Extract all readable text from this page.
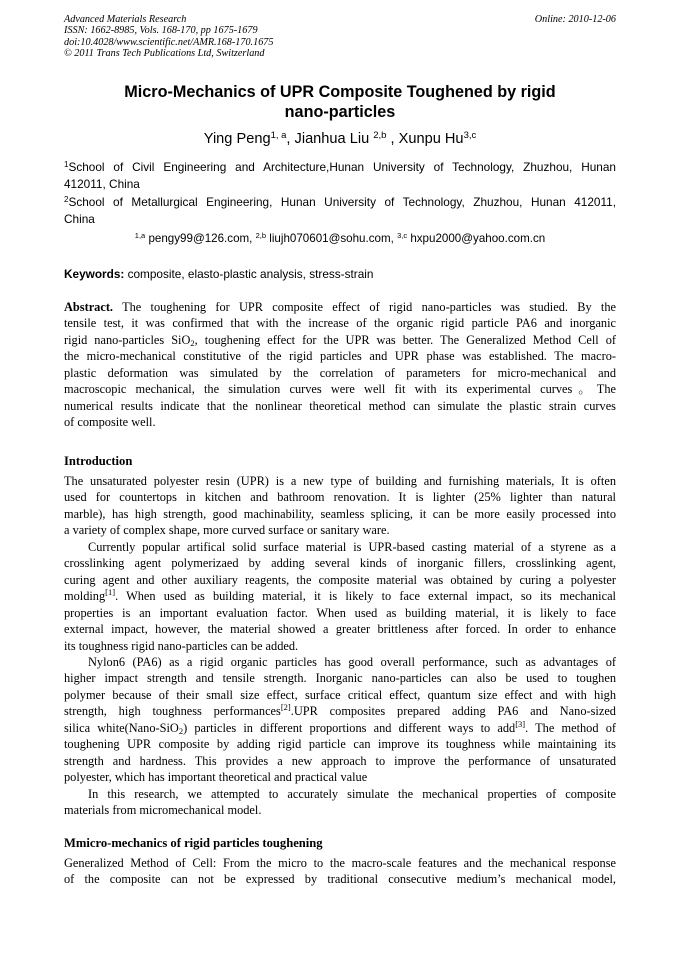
Advanced Materials Research
ISSN: 1662-8985, Vols. 168-170, pp 1675-1679
doi:10.4028/www.scientific.net/AMR.168-170.1675
© 2011 Trans Tech Publications Ltd, Switzerland
Online: 2010-12-06
Micro-Mechanics of UPR Composite Toughened by rigid
nano-particles
Ying Peng$^{1, a}$, Jianhua Liu $^{2,b}$ , Xunpu Hu$^{3,c}$
$^1$School of Civil Engineering and Architecture,Hunan University of Technology, Zhuzhou, Hunan
412011, China
$^2$School of Metallurgical Engineering, Hunan University of Technology, Zhuzhou, Hunan 412011,
China
$^{1,a}$ pengy99@126.com, $^{2,b}$ liujh070601@sohu.com, $^{3,c}$ hxpu2000@yahoo.com.cn
Keywords: composite, elasto-plastic analysis, stress-strain
Abstract. The toughening for UPR composite effect of rigid nano-particles was studied. By the
tensile test, it was confirmed that with the increase of the organic rigid particle PA6 and inorganic
rigid nano-particles SiO$_2$, toughening effect for the UPR was better. The Generalized Method Cell of
the micro-mechanical constitutive of the rigid particles and UPR phase was established. The macro-
plastic deformation was simulated by the correlation of parameters for micro-mechanical and
macroscopic mechanical, the simulation curves were well fit with its experimental curves。The
numerical results indicate that the nonlinear theoretical method can simulate the plastic strain curves
of composite well.
Introduction
The unsaturated polyester resin (UPR) is a new type of building and furnishing materials, It is often
used for countertops in kitchen and bathroom renovation. It is lighter (25% lighter than natural
marble), has high strength, good machinability, seamless splicing, it can be more easily processed into
a variety of complex shape, more curved surface or sanitary ware.
Currently popular artifical solid surface material is UPR-based casting material of a styrene as a
crosslinking agent polymerizaed by adding several kinds of inorganic fillers, crosslinking agent,
curing agent and other auxiliary reagents, the composite material was obtained by curing a polyester
molding[1]. When used as building material, it is likely to face external impact, so its mechanical
properties is an important evaluation factor. When used as building material, it is likely to face
external impact, however, the material showed a greater brittleness after forced. In order to enhance
its toughness rigid nano-particles can be added.
Nylon6 (PA6) as a rigid organic particles has good overall performance, such as advantages of
higher impact strength and tensile strength. Inorganic nano-particles can also be used to toughen
polymer because of their small size effect, surface critical effect, quantum size effect and with high
strength, high toughness performances[2].UPR composites prepared adding PA6 and Nano-sized
silica white(Nano-SiO$_2$) particles in different proportions and different ways to add[3]. The method of
toughening UPR composite by adding rigid particle can improve its toughness while maintaining its
strength and hardness. This provides a new approach to improve the performance of unsaturated
polyester, which has important theoretical and practical value
In this research, we attempted to accurately simulate the mechanical properties of composite
materials from micromechanical model.
Mmicro-mechanics of rigid particles toughening
Generalized Method of Cell: From the micro to the macro-scale features and the mechanical response
of the composite can not be expressed by traditional consecutive medium’s mechanical model,
